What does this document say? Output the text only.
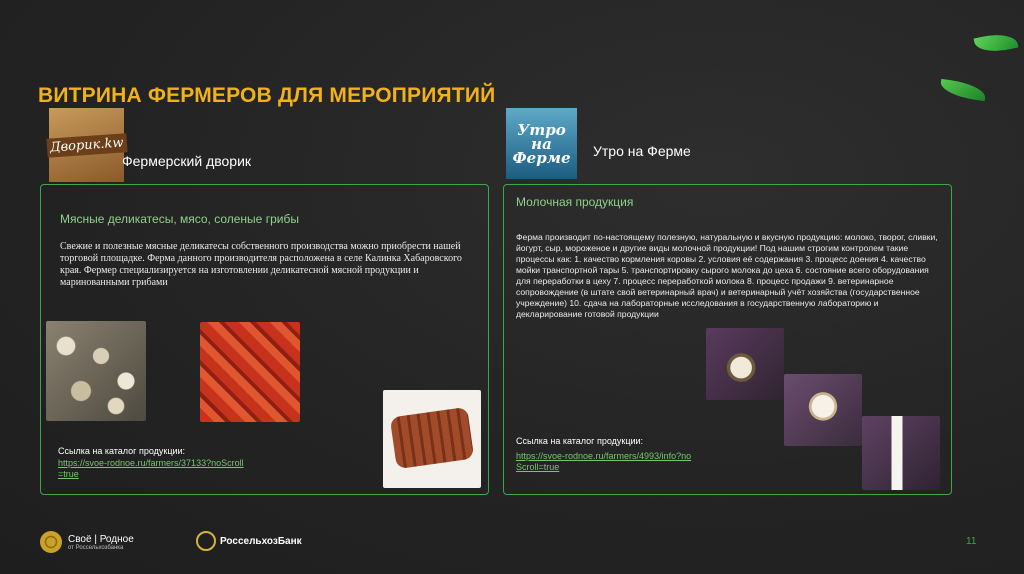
ВИТРИНА ФЕРМЕРОВ ДЛЯ МЕРОПРИЯТИЙ
Дворик.kw
Фермерский дворик
Утро на Ферме Утро на Ферме
Мясные деликатесы, мясо, соленые грибы
Свежие и полезные мясные деликатесы собственного производства можно приобрести нашей торговой площадке. Ферма данного производителя расположена в селе Калинка Хабаровского края. Фермер специализируется на изготовлении деликатесной мясной продукции и маринованными грибами
Ссылка на каталог продукции:
https://svoe-rodnoe.ru/farmers/37133?noScroll=true
Молочная продукция
Ферма производит по-настоящему полезную, натуральную и вкусную продукцию: молоко, творог, сливки, йогурт, сыр, мороженое и другие виды молочной продукции! Под нашим строгим контролем такие процессы как: 1. качество кормления коровы 2. условия её содержания 3. процесс доения 4. качество мойки транспортной тары 5. транспортировку сырого молока до цеха 6. состояние всего оборудования для переработки в цеху 7. процесс переработкой молока 8. процесс продажи 9. ветеринарное сопровождение (в штате свой ветеринарный врач) и ветеринарный учёт хозяйства (государственное учреждение) 10. сдача на лабораторные исследования в государственную лабораторию и декларирование готовой продукции
Ссылка на каталог продукции:
https://svoe-rodnoe.ru/farmers/4993/info?noScroll=true
Своё | Родное
от Россельхозбанка
РоссельхозБанк	11
